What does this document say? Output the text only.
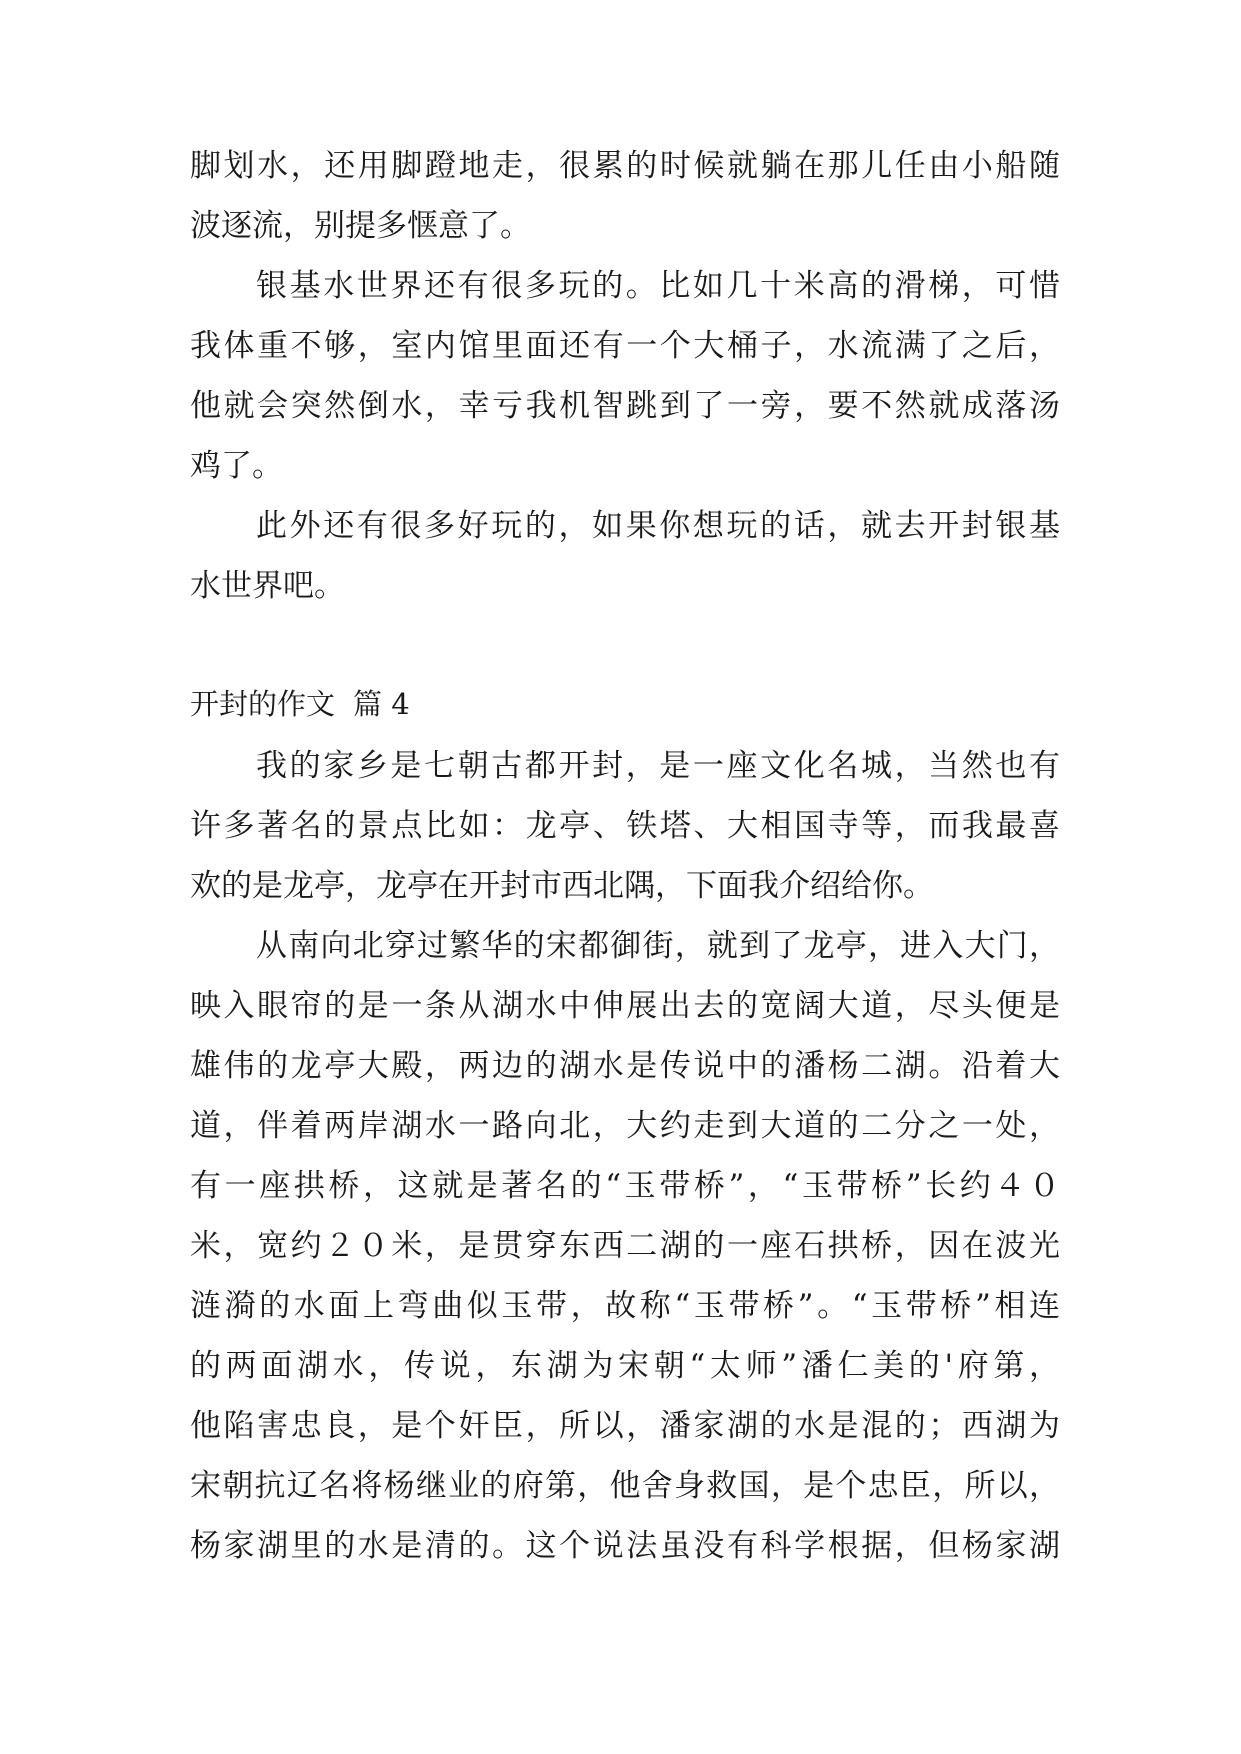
脚划水，还用脚蹬地走，很累的时候就躺在那儿任由小船随
波逐流，别提多惬意了。
银基水世界还有很多玩的。比如几十米高的滑梯，可惜
我体重不够，室内馆里面还有一个大桶子，水流满了之后，
他就会突然倒水，幸亏我机智跳到了一旁，要不然就成落汤
鸡了。
此外还有很多好玩的，如果你想玩的话，就去开封银基
水世界吧。
开封的作文 篇 4
我的家乡是七朝古都开封，是一座文化名城，当然也有
许多著名的景点比如：龙亭、铁塔、大相国寺等，而我最喜
欢的是龙亭，龙亭在开封市西北隅，下面我介绍给你。
从南向北穿过繁华的宋都御街，就到了龙亭，进入大门，
映入眼帘的是一条从湖水中伸展出去的宽阔大道，尽头便是
雄伟的龙亭大殿，两边的湖水是传说中的潘杨二湖。沿着大
道，伴着两岸湖水一路向北，大约走到大道的二分之一处，
有一座拱桥，这就是著名的“玉带桥”，“玉带桥”长约４０
米，宽约２０米，是贯穿东西二湖的一座石拱桥，因在波光
涟漪的水面上弯曲似玉带，故称“玉带桥”。“玉带桥”相连
的两面湖水，传说，东湖为宋朝“太师”潘仁美的'府第，
他陷害忠良，是个奸臣，所以，潘家湖的水是混的；西湖为
宋朝抗辽名将杨继业的府第，他舍身救国，是个忠臣，所以，
杨家湖里的水是清的。这个说法虽没有科学根据，但杨家湖
